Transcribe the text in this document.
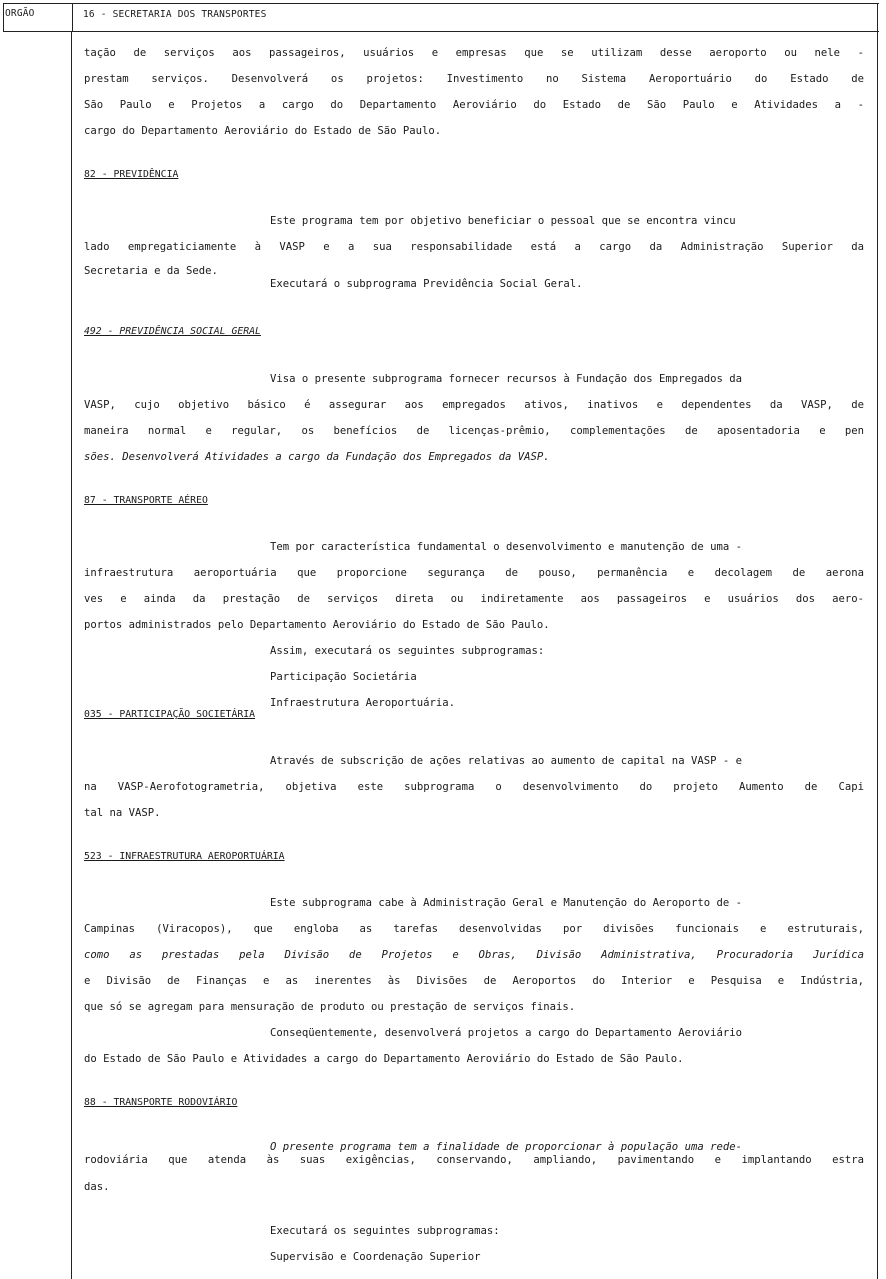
ORGÃO	16 - SECRETARIA DOS TRANSPORTES
tação de serviços aos passageiros, usuários e empresas que se utilizam desse aeroporto ou nele -
prestam serviços. Desenvolverá os projetos: Investimento no Sistema Aeroportuário do Estado de
São Paulo e Projetos a cargo do Departamento Aeroviário do Estado de São Paulo e Atividades a -
cargo do Departamento Aeroviário do Estado de São Paulo.
82 - PREVIDÊNCIA
Este programa tem por objetivo beneficiar o pessoal que se encontra vincu
lado empregaticiamente à VASP e a sua responsabilidade está a cargo da Administração Superior da
Secretaria e da Sede.
Executará o subprograma Previdência Social Geral.
492 - PREVIDÊNCIA SOCIAL GERAL
Visa o presente subprograma fornecer recursos à Fundação dos Empregados da
VASP, cujo objetivo básico é assegurar aos empregados ativos, inativos e dependentes da VASP, de
maneira normal e regular, os benefícios de licenças-prêmio, complementações de aposentadoria e pen
sões. Desenvolverá Atividades a cargo da Fundação dos Empregados da VASP.
87 - TRANSPORTE AÉREO
Tem por característica fundamental o desenvolvimento e manutenção de uma -
infraestrutura aeroportuária que proporcione segurança de pouso, permanência e decolagem de aerona
ves e ainda da prestação de serviços direta ou indiretamente aos passageiros e usuários dos aero-
portos administrados pelo Departamento Aeroviário do Estado de São Paulo.
Assim, executará os seguintes subprogramas:
Participação Societária
Infraestrutura Aeroportuária.
035 - PARTICIPAÇÃO SOCIETÁRIA
Através de subscrição de ações relativas ao aumento de capital na VASP - e
na VASP-Aerofotogrametria, objetiva este subprograma o desenvolvimento do projeto Aumento de Capi
tal na VASP.
523 - INFRAESTRUTURA AEROPORTUÁRIA
Este subprograma cabe à Administração Geral e Manutenção do Aeroporto de -
Campinas (Viracopos), que engloba as tarefas desenvolvidas por divisões funcionais e estruturais,
como as prestadas pela Divisão de Projetos e Obras, Divisão Administrativa, Procuradoria Jurídica
e Divisão de Finanças e as inerentes às Divisões de Aeroportos do Interior e Pesquisa e Indústria,
que só se agregam para mensuração de produto ou prestação de serviços finais.
Conseqüentemente, desenvolverá projetos a cargo do Departamento Aeroviário
do Estado de São Paulo e Atividades a cargo do Departamento Aeroviário do Estado de São Paulo.
88 - TRANSPORTE RODOVIÁRIO
O presente programa tem a finalidade de proporcionar à população uma rede-
rodoviária que atenda às suas exigências, conservando, ampliando, pavimentando e implantando estra
das.
Executará os seguintes subprogramas:
Supervisão e Coordenação Superior
